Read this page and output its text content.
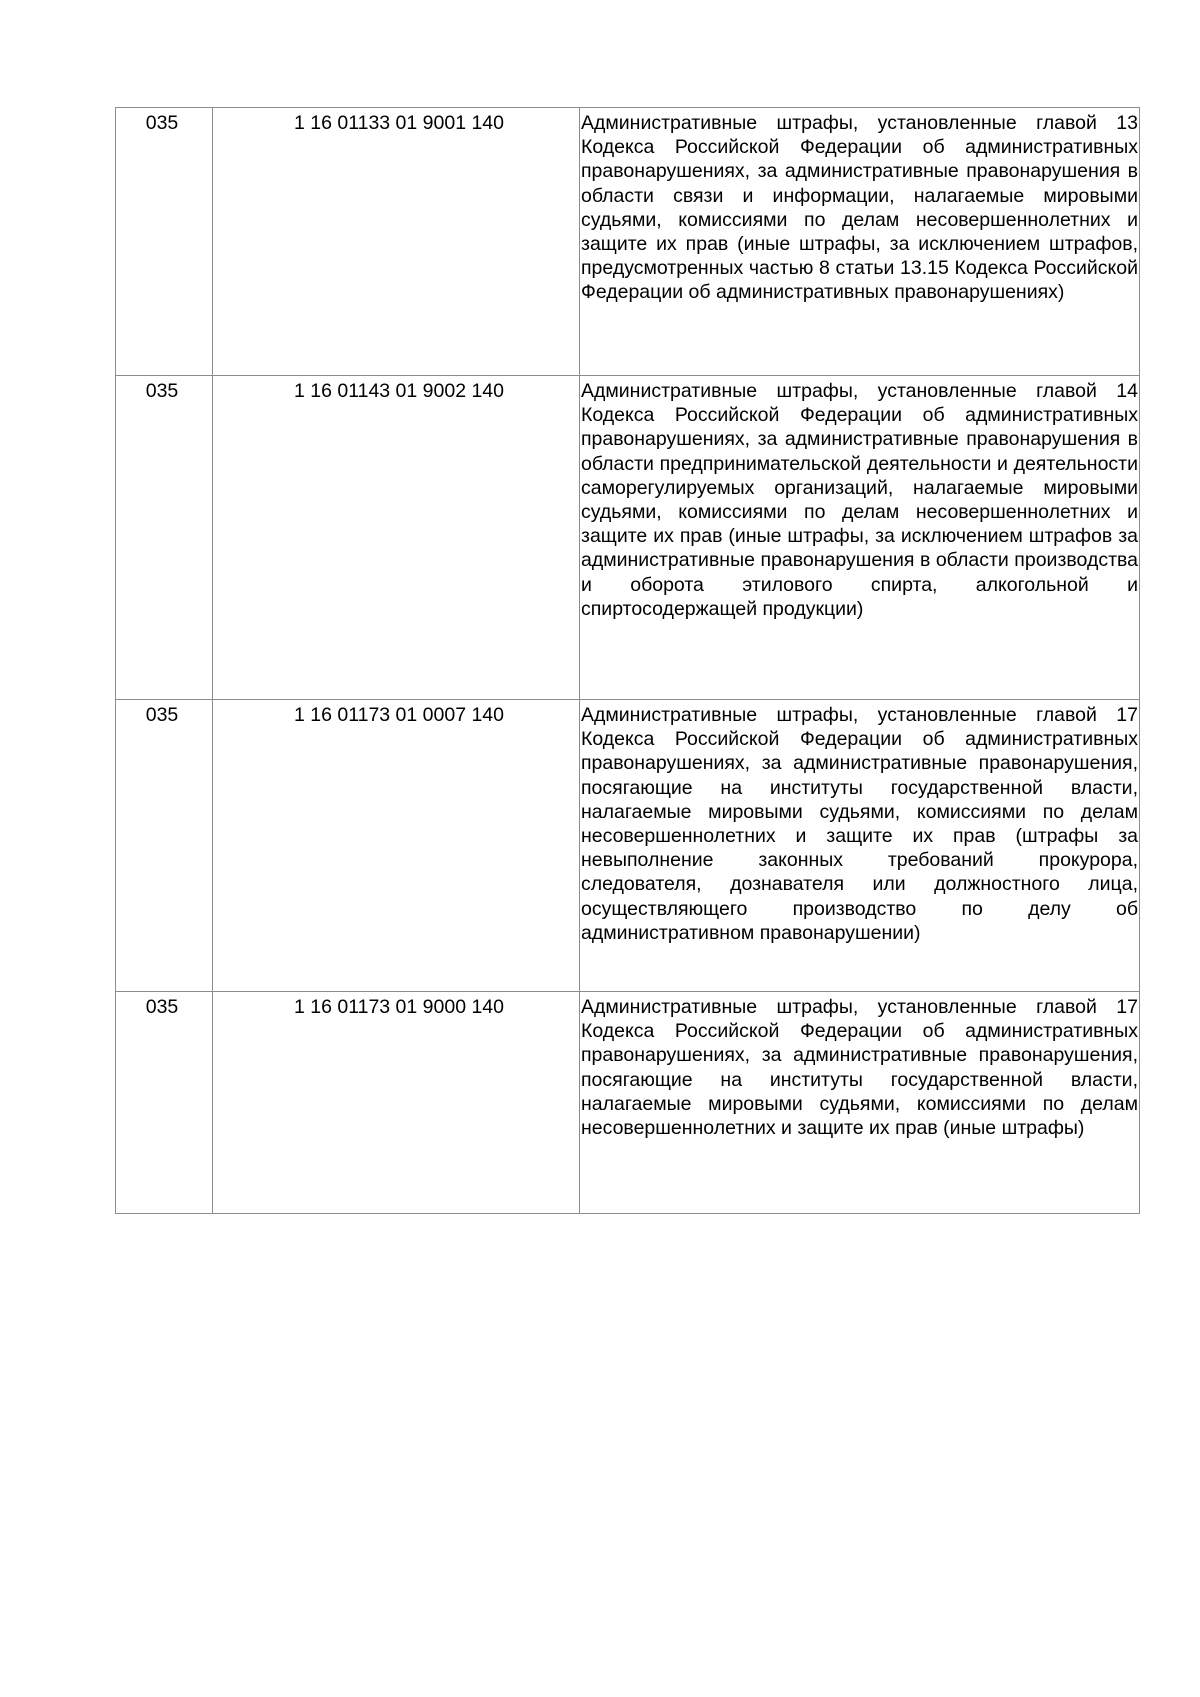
035	1 16 01133 01 9001 140	Административные штрафы, установленные главой 13 Кодекса Российской Федерации об административных правонарушениях, за административные правонарушения в области связи и информации, налагаемые мировыми судьями, комиссиями по делам несовершеннолетних и защите их прав (иные штрафы, за исключением штрафов, предусмотренных частью 8 статьи 13.15 Кодекса Российской Федерации об административных правонарушениях)
035	1 16 01143 01 9002 140	Административные штрафы, установленные главой 14 Кодекса Российской Федерации об административных правонарушениях, за административные правонарушения в области предпринимательской деятельности и деятельности саморегулируемых организаций, налагаемые мировыми судьями, комиссиями по делам несовершеннолетних и защите их прав (иные штрафы, за исключением штрафов за административные правонарушения в области производства и оборота этилового спирта, алкогольной и спиртосодержащей продукции)
035	1 16 01173 01 0007 140	Административные штрафы, установленные главой 17 Кодекса Российской Федерации об административных правонарушениях, за административные правонарушения, посягающие на институты государственной власти, налагаемые мировыми судьями, комиссиями по делам несовершеннолетних и защите их прав (штрафы за невыполнение законных требований прокурора, следователя, дознавателя или должностного лица, осуществляющего производство по делу об административном правонарушении)
035	1 16 01173 01 9000 140	Административные штрафы, установленные главой 17 Кодекса Российской Федерации об административных правонарушениях, за административные правонарушения, посягающие на институты государственной власти, налагаемые мировыми судьями, комиссиями по делам несовершеннолетних и защите их прав (иные штрафы)
